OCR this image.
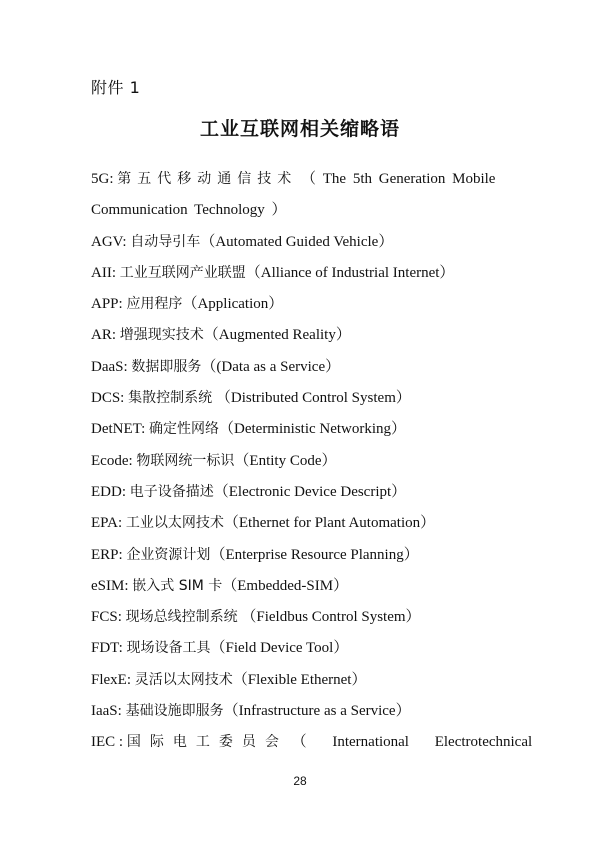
附件 1
工业互联网相关缩略语
5G: 第五代移动通信技术 （ The 5th Generation Mobile Communication Technology ）
AGV: 自动导引车（Automated Guided Vehicle）
AII: 工业互联网产业联盟（Alliance of Industrial Internet）
APP: 应用程序（Application）
AR: 增强现实技术（Augmented Reality）
DaaS: 数据即服务（(Data as a Service）
DCS: 集散控制系统 （Distributed Control System）
DetNET: 确定性网络（Deterministic Networking）
Ecode: 物联网统一标识（Entity Code）
EDD: 电子设备描述（Electronic Device Descript）
EPA: 工业以太网技术（Ethernet for Plant Automation）
ERP: 企业资源计划（Enterprise Resource Planning）
eSIM: 嵌入式 SIM 卡（Embedded-SIM）
FCS: 现场总线控制系统 （Fieldbus Control System）
FDT: 现场设备工具（Field Device Tool）
FlexE: 灵活以太网技术（Flexible Ethernet）
IaaS: 基础设施即服务（Infrastructure as a Service）
IEC : 国际电工委员会 （ International Electrotechnical
28
